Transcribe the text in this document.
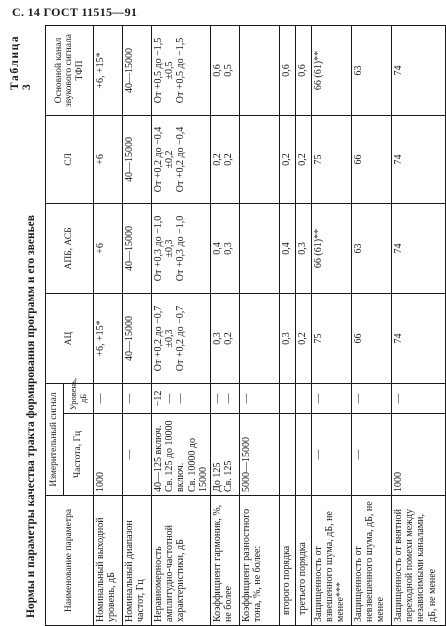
С. 14 ГОСТ 11515—91
Таблица 3
Нормы и параметры качества тракта формирования программ и его звеньев	Наименование параметра	Измерительный сигнал		АЦ	АПБ, АСБ	СЛ	Основной канал звукового сигнала ТФП
	Частота, Гц	Уровень, дБ				
Номинальный выходной уровень, дБ	1000	—	+6, +15*	+6	+6	+6, +15*
Номинальный диапазон частот, Гц	—	—	40—15000	40—15000	40—15000	40—15000
Неравномерность амплитудно-частотной характеристики, дБ	40—125 включ. Св. 125 до 10000 включ. Св. 10000 до 15000	−12 — —	От +0,2 до −0,7 ±0,3 От +0,2 до −0,7	От +0,3 до −1,0 ±0,3 От +0,3 до −1,0	От +0,2 до −0,4 ±0,2 От +0,2 до −0,4	От +0,5 до −1,5 ±0,5 От +0,5 до −1,5

Коэффициент гармоник, %, не более	До 125 Св. 125	— —	0,3 0,2	0,4 0,3	0,2 0,2	0,6 0,5

Коэффициент разностного тона, %, не более:	5000—15000	—				
второго порядка			0,3	0,4	0,2	0,6
третьего порядка			0,2	0,3	0,2	0,6
Защищенность от взвешенного шума, дБ, не менее***	—	—	75	66 (61)**	75	66 (61)**
Защищенность от невзвешенного шума, дБ, не менее	—	—	66	63	66	63
Защищенность от внятной переходной помехи между независимыми каналами, дБ, не менее	1000	—	74	74	74	74
